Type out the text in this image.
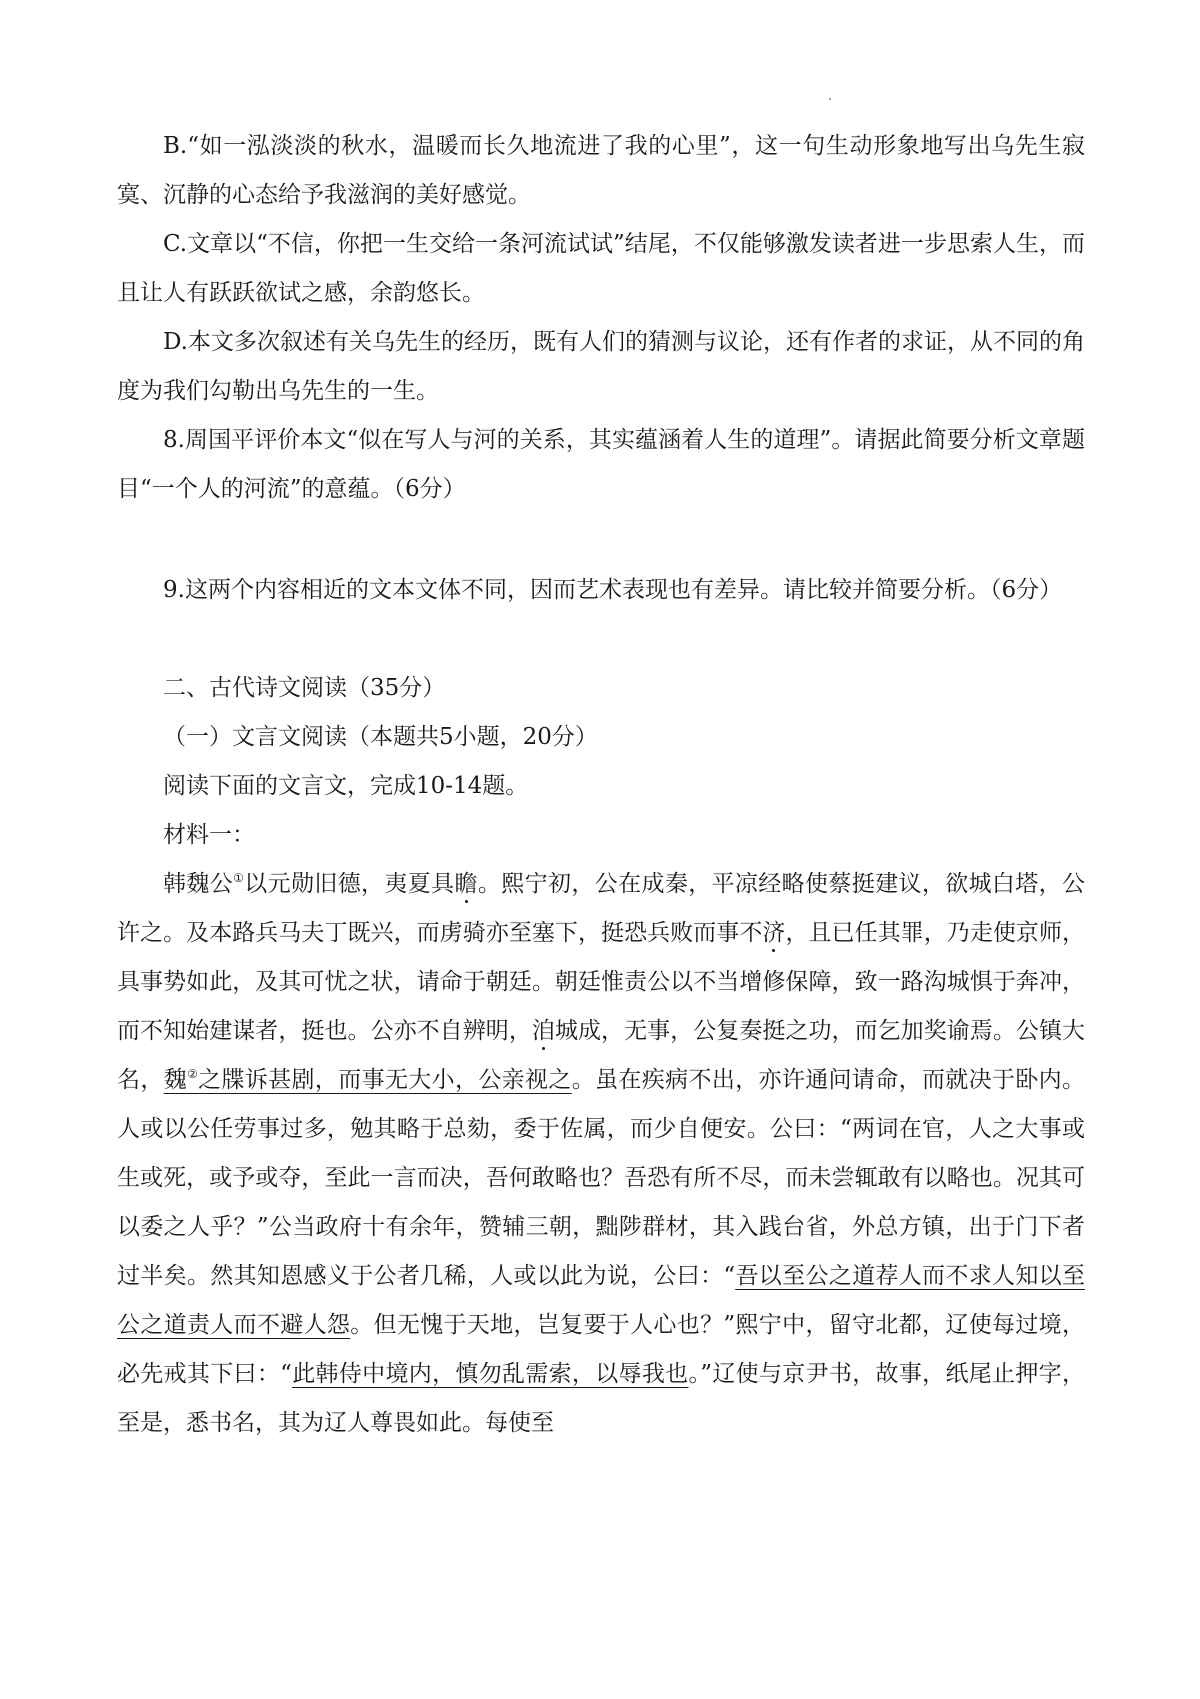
B.“如一泓淡淡的秋水，温暖而长久地流进了我的心里”，这一句生动形象地写出乌先生寂寞、沉静的心态给予我滋润的美好感觉。

C.文章以“不信，你把一生交给一条河流试试”结尾，不仅能够激发读者进一步思索人生，而且让人有跃跃欲试之感，余韵悠长。

D.本文多次叙述有关乌先生的经历，既有人们的猜测与议论，还有作者的求证，从不同的角度为我们勾勒出乌先生的一生。

8.周国平评价本文“似在写人与河的关系，其实蕴涵着人生的道理”。请据此简要分析文章题目“一个人的河流”的意蕴。（6分）

9.这两个内容相近的文本文体不同，因而艺术表现也有差异。请比较并简要分析。（6分）

二、古代诗文阅读（35分）

（一）文言文阅读（本题共5小题，20分）

阅读下面的文言文，完成10-14题。

材料一：

韩魏公①以元勋旧德，夷夏具瞻。熙宁初，公在成秦，平凉经略使蔡挺建议，欲城白塔，公许之。及本路兵马夫丁既兴，而虏骑亦至塞下，挺恐兵败而事不济，且已任其罪，乃走使京师，具事势如此，及其可忧之状，请命于朝廷。朝廷惟责公以不当增修保障，致一路沟城惧于奔冲，而不知始建谋者，挺也。公亦不自辨明，洎城成，无事，公复奏挺之功，而乞加奖谕焉。公镇大名，魏②之牒诉甚剧，而事无大小，公亲视之。虽在疾病不出，亦许通问请命，而就决于卧内。人或以公任劳事过多，勉其略于总劾，委于佐属，而少自便安。公曰：“两词在官，人之大事或生或死，或予或夺，至此一言而决，吾何敢略也？吾恐有所不尽，而未尝辄敢有以略也。况其可以委之人乎？”公当政府十有余年，赞辅三朝，黜陟群材，其入践台省，外总方镇，出于门下者过半矣。然其知恩感义于公者几稀，人或以此为说，公曰：“吾以至公之道荐人而不求人知以至公之道责人而不避人怨。但无愧于天地，岂复要于人心也？”熙宁中，留守北都，辽使每过境，必先戒其下曰：“此韩侍中境内，慎勿乱需索，以辱我也。”辽使与京尹书，故事，纸尾止押字，至是，悉书名，其为辽人尊畏如此。每使至
